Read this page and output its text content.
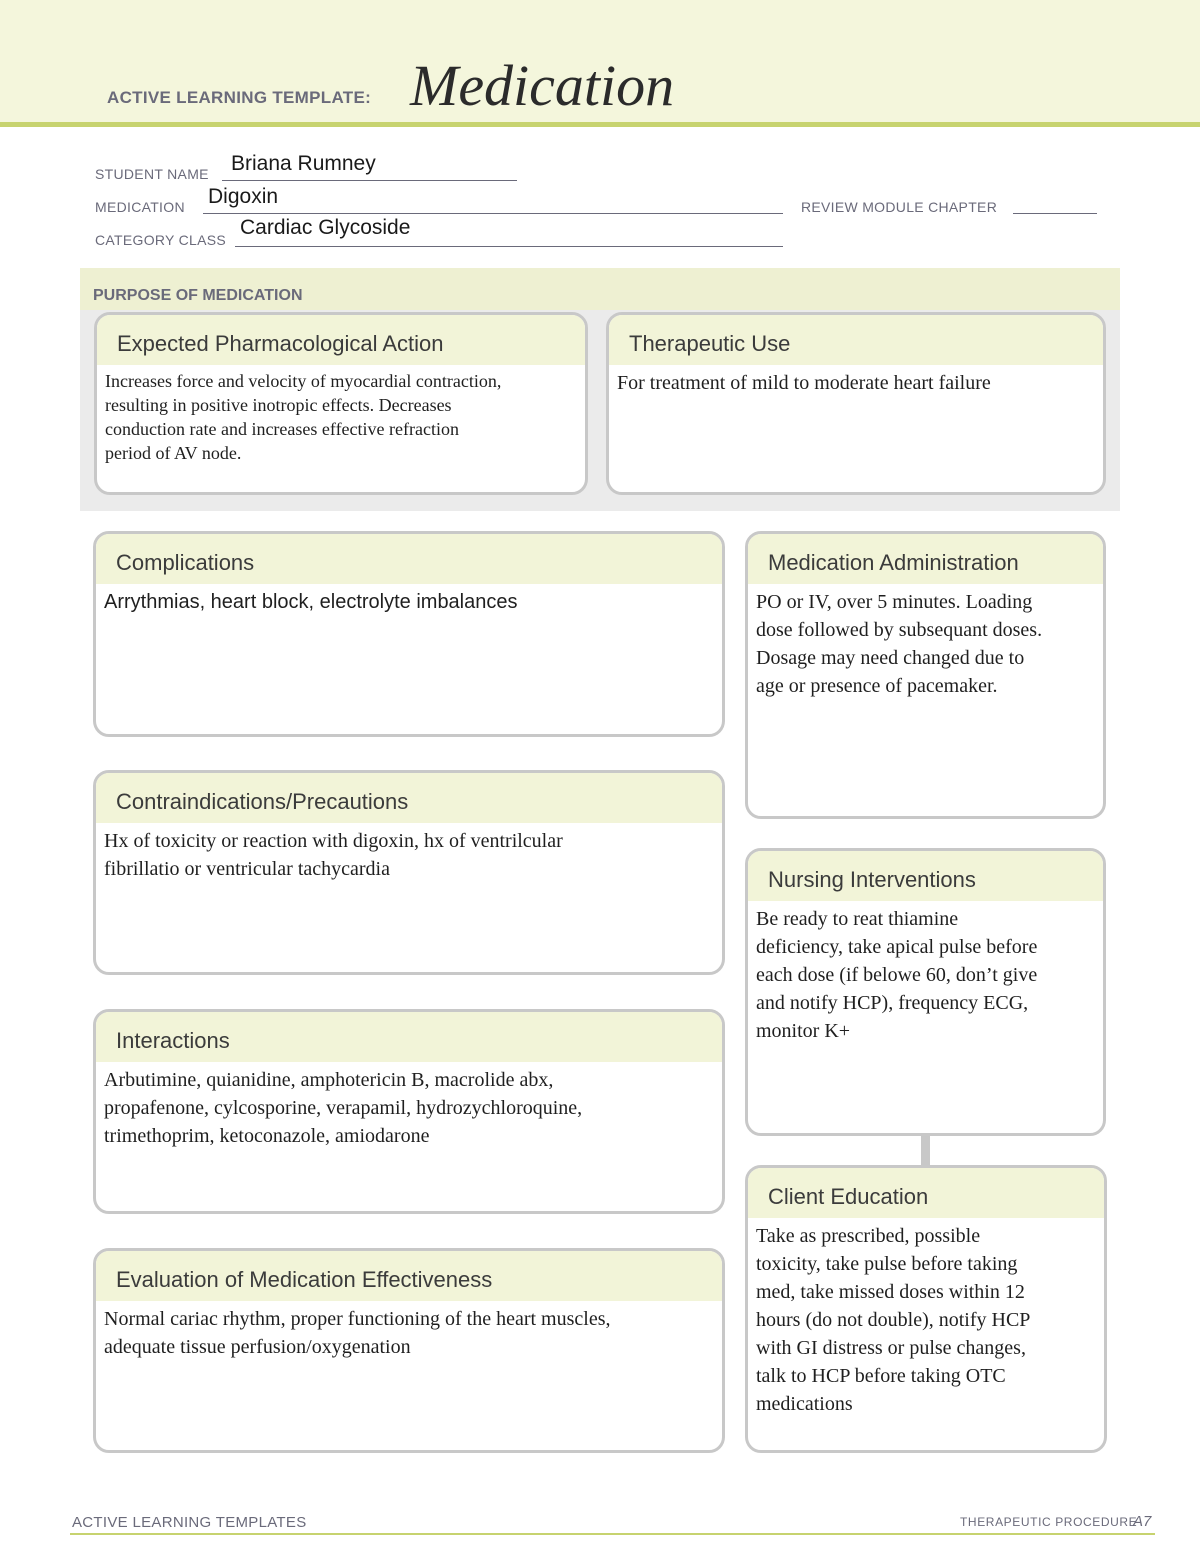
ACTIVE LEARNING TEMPLATE: Medication
STUDENT NAME Briana Rumney
MEDICATION Digoxin	REVIEW MODULE CHAPTER
CATEGORY CLASS
Cardiac Glycoside
PURPOSE OF MEDICATION
Expected Pharmacological Action
Increases force and velocity of myocardial contraction,
resulting in positive inotropic effects. Decreases
conduction rate and increases effective refraction
period of AV node.
Therapeutic Use
For treatment of mild to moderate heart failure
Complications
Arrythmias, heart block, electrolyte imbalances
Contraindications/Precautions
Hx of toxicity or reaction with digoxin, hx of ventrilcular
fibrillatio or ventricular tachycardia
Interactions
Arbutimine, quianidine, amphotericin B, macrolide abx,
propafenone, cylcosporine, verapamil, hydrozychloroquine,
trimethoprim, ketoconazole, amiodarone
Evaluation of Medication Effectiveness
Normal cariac rhythm, proper functioning of the heart muscles,
adequate tissue perfusion/oxygenation
Medication Administration
PO or IV, over 5 minutes. Loading
dose followed by subsequant doses.
Dosage may need changed due to
age or presence of pacemaker.
Nursing Interventions
Be ready to reat thiamine
deficiency, take apical pulse before
each dose (if belowe 60, don’t give
and notify HCP), frequency ECG,
monitor K+
Client Education
Take as prescribed, possible
toxicity, take pulse before taking
med, take missed doses within 12
hours (do not double), notify HCP
with GI distress or pulse changes,
talk to HCP before taking OTC
medications
ACTIVE LEARNING TEMPLATES	THERAPEUTIC PROCEDURE
A7
